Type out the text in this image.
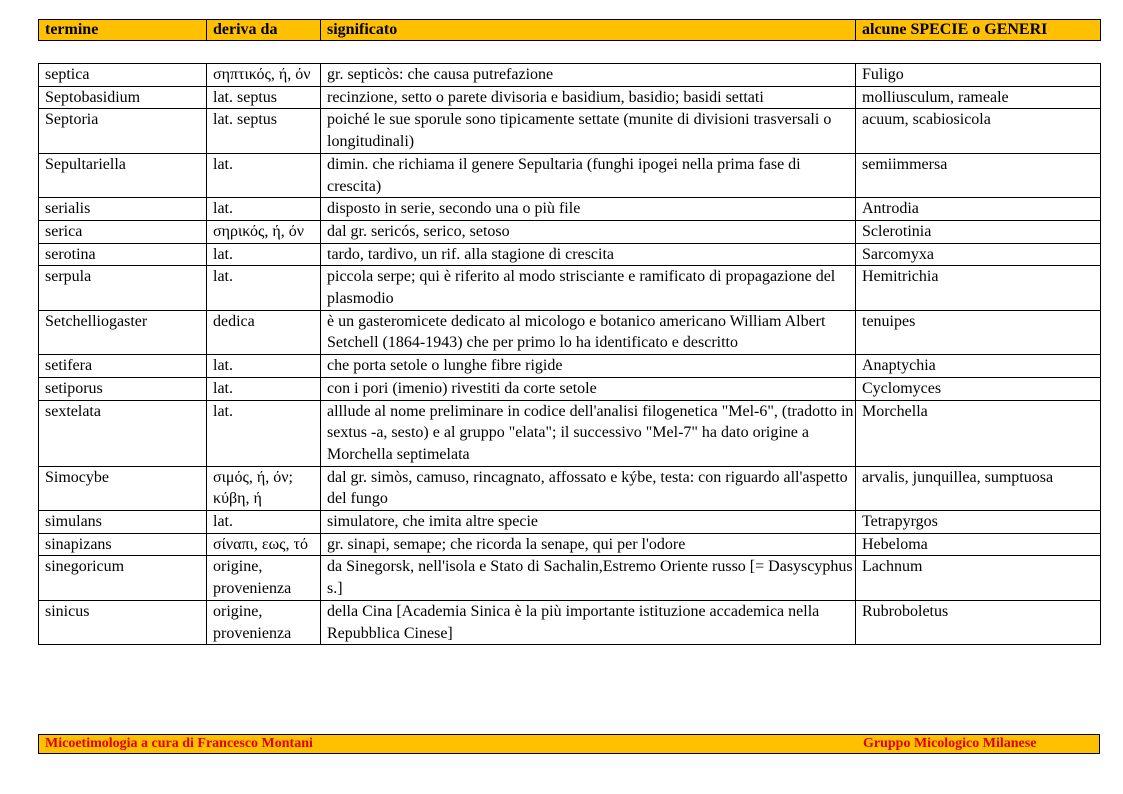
termine	deriva da	significato	alcune SPECIE o GENERI
septica	σηπτικός, ή, όν	gr. septicòs: che causa putrefazione	Fuligo
Septobasidium	lat. septus	recinzione, setto o parete divisoria e basidium, basidio; basidi settati	molliusculum, rameale
Septoria	lat. septus	poiché le sue sporule sono tipicamente settate (munite di divisioni trasversali o longitudinali)	acuum, scabiosicola
Sepultariella	lat.	dimin. che richiama il genere Sepultaria (funghi ipogei nella prima fase di crescita)	semiimmersa
serialis	lat.	disposto in serie, secondo una o più file	Antrodia
serica	σηρικός, ή, όν	dal gr. sericós, serico, setoso	Sclerotinia
serotina	lat.	tardo, tardivo, un rif. alla stagione di crescita	Sarcomyxa
serpula	lat.	piccola serpe; qui è riferito al modo strisciante e ramificato di propagazione del plasmodio	Hemitrichia
Setchelliogaster	dedica	è un gasteromicete dedicato al micologo e botanico americano William Albert Setchell (1864-1943) che per primo lo ha identificato e descritto	tenuipes
setifera	lat.	che porta setole o lunghe fibre rigide	Anaptychia
setiporus	lat.	con i pori (imenio) rivestiti da corte setole	Cyclomyces
sextelata	lat.	alllude al nome preliminare in codice dell'analisi filogenetica "Mel-6", (tradotto in sextus -a, sesto) e al gruppo "elata"; il successivo "Mel-7" ha dato origine a Morchella septimelata	Morchella
Simocybe	σιμός, ή, όν; κύβη, ή	dal gr. simòs, camuso, rincagnato, affossato e kýbe, testa: con riguardo all'aspetto del fungo	arvalis, junquillea, sumptuosa
simulans	lat.	simulatore, che imita altre specie	Tetrapyrgos
sinapizans	σίναπι, εως, τό	gr. sinapi, semape; che ricorda la senape, qui per l'odore	Hebeloma
sinegoricum	origine, provenienza	da Sinegorsk, nell'isola e Stato di Sachalin,Estremo Oriente russo [= Dasyscyphus s.]	Lachnum
sinicus	origine, provenienza	della Cina [Academia Sinica è la più importante istituzione accademica nella Repubblica Cinese]	Rubroboletus
Micoetimologia a cura di Francesco Montani	Gruppo Micologico Milanese
